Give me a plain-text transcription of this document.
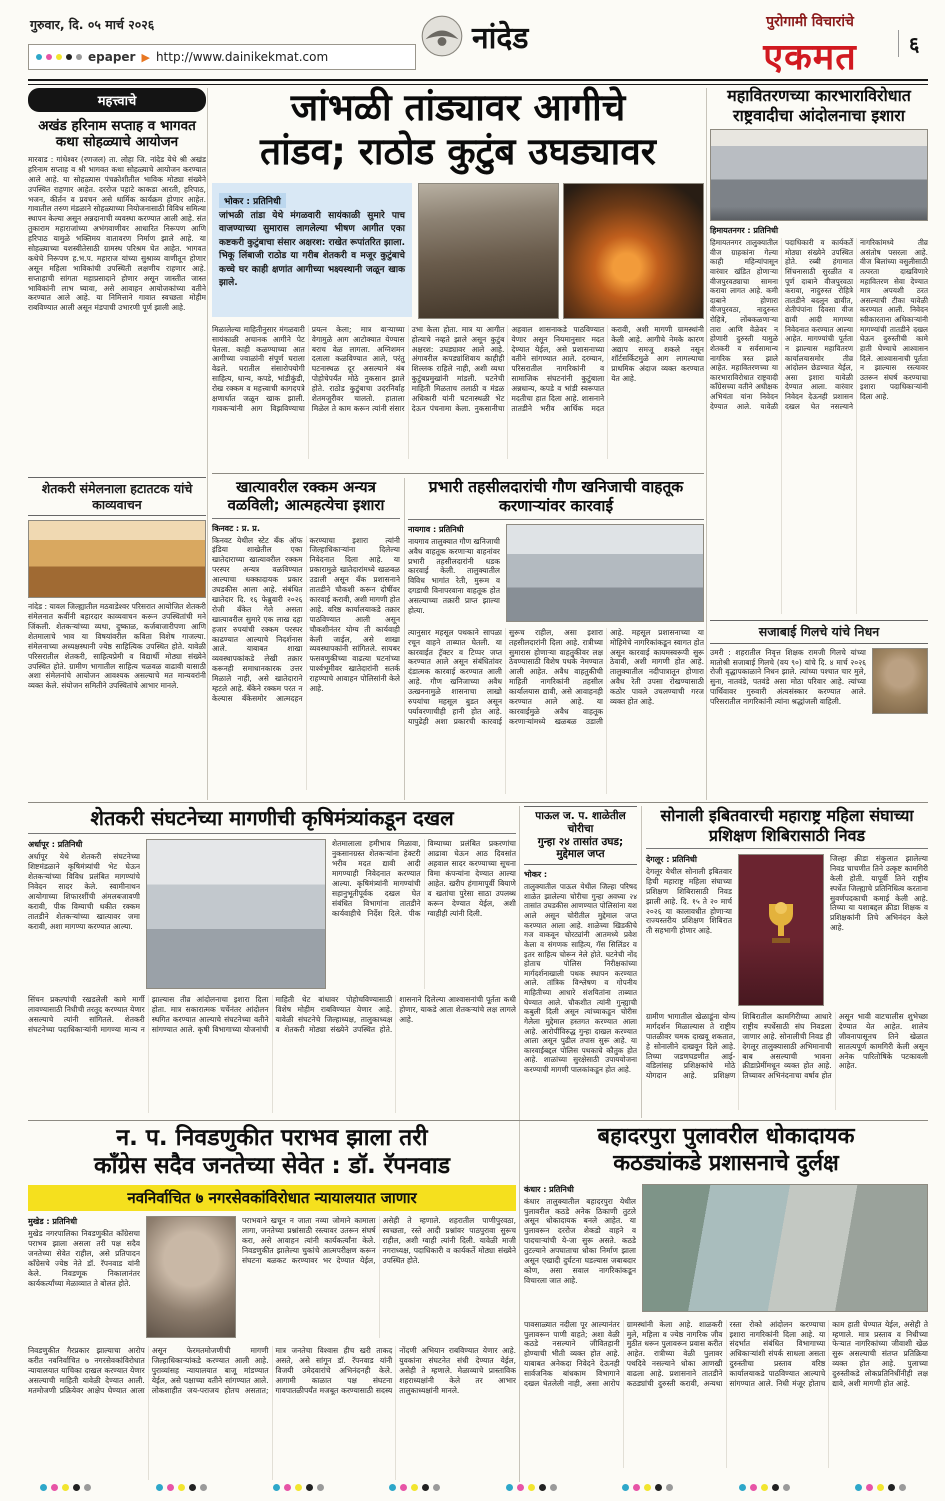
गुरुवार, दि. ०५ मार्च २०२६
epaper ▶ http://www.dainikekmat.com
नांदेड	पुरोगामी विचारांचे
एकमत	६
महत्त्वाचे
अखंड हरिनाम सप्ताह व भागवत कथा सोहळ्याचे आयोजन
मारवाड : गांधेश्वर (रणजल) ता. लोहा जि. नांदेड येथे श्री अखंड हरिनाम सप्ताह व श्री भागवत कथा सोहळ्याचे आयोजन करण्यात आले आहे. या सोहळ्यास पंचक्रोशीतील भाविक मोठ्या संख्येने उपस्थित राहणार आहेत. दररोज पहाटे काकडा आरती, हरिपाठ, भजन, कीर्तन व प्रवचन असे धार्मिक कार्यक्रम होणार आहेत. गावातील तरुण मंडळाने सोहळ्याच्या नियोजनासाठी विविध समित्या स्थापन केल्या असून अन्नदानाची व्यवस्था करण्यात आली आहे. संत तुकाराम महाराजांच्या अभंगवाणीवर आधारित निरूपण आणि हरिपाठ यामुळे भक्तिमय वातावरण निर्माण झाले आहे. या सोहळ्याच्या यशस्वीतेसाठी ग्रामस्थ परिश्रम घेत आहेत. भागवत कथेचे निरूपण ह.भ.प. महाराज यांच्या सुश्राव्य वाणीतून होणार असून महिला भाविकांची उपस्थिती लक्षणीय राहणार आहे. सप्ताहाची सांगता महाप्रसादाने होणार असून जास्तीत जास्त भाविकांनी लाभ घ्यावा, असे आवाहन आयोजकांच्या वतीने करण्यात आले आहे. या निमित्ताने गावात स्वच्छता मोहीम राबविण्यात आली असून मंडपाची उभारणी पूर्ण झाली आहे.
शेतकरी संमेलनाला हटातटक यांचे काव्यवाचन
नांदेड : यावल जिल्ह्यातील मठवाडेश्वर परिसरात आयोजित शेतकरी संमेलनात कवींनी बहारदार काव्यवाचन करून उपस्थितांची मने जिंकली. शेतकऱ्यांच्या व्यथा, दुष्काळ, कर्जबाजारीपणा आणि शेतमालाचे भाव या विषयांवरील कविता विशेष गाजल्या. संमेलनाच्या अध्यक्षस्थानी ज्येष्ठ साहित्यिक उपस्थित होते. यावेळी परिसरातील शेतकरी, साहित्यप्रेमी व विद्यार्थी मोठ्या संख्येने उपस्थित होते. ग्रामीण भागातील साहित्य चळवळ वाढावी यासाठी अशा संमेलनांचे आयोजन आवश्यक असल्याचे मत मान्यवरांनी व्यक्त केले. संयोजन समितीने उपस्थितांचे आभार मानले.
जांभळी तांड्यावर आगीचे
तांडव; राठोड कुटुंब उघड्यावर
भोकर : प्रतिनिधी
जांभळी तांडा येथे मंगळवारी सायंकाळी सुमारे पाच वाजण्याच्या सुमारास लागलेल्या भीषण आगीत एका कष्टकरी कुटुंबाचा संसार अक्षरश: राखेत रूपांतरित झाला. भिकू लिंबाजी राठोड या गरीब शेतकरी व मजूर कुटुंबाचे कच्चे घर काही क्षणांत आगीच्या भक्ष्यस्थानी जळून खाक झाले.
मिळालेल्या माहितीनुसार मंगळवारी सायंकाळी अचानक आगीने पेट घेतला. काही कळण्याच्या आत आगीच्या ज्वाळांनी संपूर्ण घराला वेढले. घरातील संसारोपयोगी साहित्य, धान्य, कपडे, भांडीकुंडी, रोख रक्कम व महत्त्वाची कागदपत्रे क्षणार्धात जळून खाक झाली. गावकऱ्यांनी आग विझविण्याचा प्रयत्न केला; मात्र वाऱ्याच्या वेगामुळे आग आटोक्यात येण्यास बराच वेळ लागला. अग्निशमन दलाला कळविण्यात आले, परंतु घटनास्थळ दूर असल्याने बंब पोहोचेपर्यंत मोठे नुकसान झाले होते. राठोड कुटुंबाचा उदरनिर्वाह शेतमजुरीवर चालतो. हाताला मिळेल ते काम करून त्यांनी संसार उभा केला होता. मात्र या आगीत होत्याचे नव्हते झाले असून कुटुंब अक्षरश: उघड्यावर आले आहे. अंगावरील कपड्यांशिवाय काहीही शिल्लक राहिले नाही, अशी व्यथा कुटुंबप्रमुखांनी मांडली. घटनेची माहिती मिळताच तलाठी व मंडळ अधिकारी यांनी घटनास्थळी भेट देऊन पंचनामा केला. नुकसानीचा अहवाल शासनाकडे पाठविण्यात येणार असून नियमानुसार मदत देण्यात येईल, असे प्रशासनाच्या वतीने सांगण्यात आले. दरम्यान, परिसरातील नागरिकांनी व सामाजिक संघटनांनी कुटुंबाला अन्नधान्य, कपडे व भांडी स्वरूपात मदतीचा हात दिला आहे. शासनाने तातडीने भरीव आर्थिक मदत करावी, अशी मागणी ग्रामस्थांनी केली आहे. आगीचे नेमके कारण अद्याप समजू शकले नसून शॉर्टसर्किटमुळे आग लागल्याचा प्राथमिक अंदाज व्यक्त करण्यात येत आहे.
महावितरणच्या कारभाराविरोधात राष्ट्रवादीचा आंदोलनाचा इशारा
हिमायतनगर : प्रतिनिधी
हिमायतनगर तालुक्यातील वीज ग्राहकांना गेल्या काही महिन्यांपासून वारंवार खंडित होणाऱ्या वीजपुरवठ्याचा सामना करावा लागत आहे. कमी दाबाने होणारा वीजपुरवठा, नादुरुस्त रोहित्रे, लोंबकळणाऱ्या तारा आणि वेळेवर न होणारी दुरुस्ती यामुळे शेतकरी व सर्वसामान्य नागरिक त्रस्त झाले आहेत. महावितरणच्या या कारभाराविरोधात राष्ट्रवादी काँग्रेसच्या वतीने अधीक्षक अभियंता यांना निवेदन देण्यात आले. यावेळी पदाधिकारी व कार्यकर्ते मोठ्या संख्येने उपस्थित होते. रब्बी हंगामात सिंचनासाठी सुरळीत व पूर्ण दाबाने वीजपुरवठा करावा, नादुरुस्त रोहित्रे तातडीने बदलून द्यावीत, शेतीपंपांना दिवसा वीज द्यावी आदी मागण्या निवेदनात करण्यात आल्या आहेत. मागण्यांची पूर्तता न झाल्यास महावितरण कार्यालयासमोर तीव्र आंदोलन छेडण्यात येईल, असा इशारा यावेळी देण्यात आला. वारंवार निवेदन देऊनही प्रशासन दखल घेत नसल्याने नागरिकांमध्ये तीव्र असंतोष पसरला आहे. वीज बिलांच्या वसुलीसाठी तत्परता दाखविणारे महावितरण सेवा देण्यात मात्र अपयशी ठरत असल्याची टीका यावेळी करण्यात आली. निवेदन स्वीकारताना अधिकाऱ्यांनी मागण्यांची तातडीने दखल घेऊन दुरुस्तीची कामे हाती घेण्याचे आश्वासन दिले. आश्वासनाची पूर्तता न झाल्यास रस्त्यावर उतरून संघर्ष करण्याचा इशारा पदाधिकाऱ्यांनी दिला आहे.
सजाबाई गिलचे यांचे निधन
उमरी : शहरातील निवृत्त शिक्षक रामजी गिलचे यांच्या मातोश्री सजाबाई गिलचे (वय ९०) यांचे दि. ४ मार्च २०२६ रोजी वृद्धापकाळाने निधन झाले. त्यांच्या पश्चात चार मुले, सुना, नातवंडे, पतवंडे असा मोठा परिवार आहे. त्यांच्या पार्थिवावर गुरुवारी अंत्यसंस्कार करण्यात आले. परिसरातील नागरिकांनी त्यांना श्रद्धांजली वाहिली.
खात्यावरील रक्कम अन्यत्र वळविली; आत्महत्येचा इशारा
किनवट : प्र. प्र.
किनवट येथील स्टेट बँक ऑफ इंडिया शाखेतील एका खातेदाराच्या खात्यावरील रक्कम परस्पर अन्यत्र वळविण्यात आल्याचा धक्कादायक प्रकार उघडकीस आला आहे. संबंधित खातेदार दि. १६ फेब्रुवारी २०२६ रोजी बँकेत गेले असता खात्यावरील सुमारे एक लाख दहा हजार रुपयांची रक्कम परस्पर काढण्यात आल्याचे निदर्शनास आले. याबाबत शाखा व्यवस्थापकांकडे लेखी तक्रार करूनही समाधानकारक उत्तर मिळाले नाही, असे खातेदाराने म्हटले आहे. बँकेने रक्कम परत न केल्यास बँकेसमोर आत्मदहन करण्याचा इशारा त्यांनी जिल्हाधिकाऱ्यांना दिलेल्या निवेदनात दिला आहे. या प्रकारामुळे खातेदारांमध्ये खळबळ उडाली असून बँक प्रशासनाने तातडीने चौकशी करून दोषींवर कारवाई करावी, अशी मागणी होत आहे. वरिष्ठ कार्यालयाकडे तक्रार पाठविण्यात आली असून चौकशीनंतर योग्य ती कार्यवाही केली जाईल, असे शाखा व्यवस्थापकांनी सांगितले. सायबर फसवणुकीच्या वाढत्या घटनांच्या पार्श्वभूमीवर खातेदारांनी सतर्क राहण्याचे आवाहन पोलिसांनी केले आहे.
प्रभारी तहसीलदारांची गौण खनिजाची वाहतूक करणाऱ्यांवर कारवाई
नायगाव : प्रतिनिधी
नायगाव तालुक्यात गौण खनिजाची अवैध वाहतूक करणाऱ्या वाहनांवर प्रभारी तहसीलदारांनी धडक कारवाई केली. तालुक्यातील विविध भागांत रेती, मुरूम व दगडाची विनापरवाना वाहतूक होत असल्याच्या तक्रारी प्राप्त झाल्या होत्या.
त्यानुसार महसूल पथकाने सापळा रचून वाहने ताब्यात घेतली. या कारवाईत ट्रॅक्टर व टिप्पर जप्त करण्यात आले असून संबंधितांवर दंडात्मक कारवाई करण्यात आली आहे. गौण खनिजाच्या अवैध उत्खननामुळे शासनाचा लाखो रुपयांचा महसूल बुडत असून पर्यावरणाचीही हानी होत आहे. यापुढेही अशा प्रकारची कारवाई सुरूच राहील, असा इशारा तहसीलदारांनी दिला आहे. रात्रीच्या सुमारास होणाऱ्या वाहतुकीवर लक्ष ठेवण्यासाठी विशेष पथके नेमण्यात आली आहेत. अवैध वाहतुकीची माहिती नागरिकांनी तहसील कार्यालयास द्यावी, असे आवाहनही करण्यात आले आहे. या कारवाईमुळे अवैध वाहतूक करणाऱ्यांमध्ये खळबळ उडाली आहे. महसूल प्रशासनाच्या या मोहिमेचे नागरिकांकडून स्वागत होत असून कारवाई कायमस्वरूपी सुरू ठेवावी, अशी मागणी होत आहे. तालुक्यातील नदीपात्रातून होणारा अवैध रेती उपसा रोखण्यासाठी कठोर पावले उचलण्याची गरज व्यक्त होत आहे.
शेतकरी संघटनेच्या मागणीची कृषिमंत्र्यांकडून दखल
अर्धापूर : प्रतिनिधी
अर्धापूर येथे शेतकरी संघटनेच्या शिष्टमंडळाने कृषिमंत्र्यांची भेट घेऊन शेतकऱ्यांच्या विविध प्रलंबित मागण्यांचे निवेदन सादर केले. स्वामीनाथन आयोगाच्या शिफारशींची अंमलबजावणी करावी, पीक विम्याची थकीत रक्कम तातडीने शेतकऱ्यांच्या खात्यावर जमा करावी, अशा मागण्या करण्यात आल्या.
शेतमालाला हमीभाव मिळावा, नुकसानग्रस्त शेतकऱ्यांना हेक्टरी भरीव मदत द्यावी आदी मागण्याही निवेदनात करण्यात आल्या. कृषिमंत्र्यांनी मागण्यांची सहानुभूतीपूर्वक दखल घेत संबंधित विभागांना तातडीने कार्यवाहीचे निर्देश दिले. पीक विम्याच्या प्रलंबित प्रकरणांचा आढावा घेऊन आठ दिवसांत अहवाल सादर करण्याच्या सूचना विमा कंपन्यांना देण्यात आल्या आहेत. खरीप हंगामापूर्वी बियाणे व खतांचा पुरेसा साठा उपलब्ध करून देण्यात येईल, अशी ग्वाहीही त्यांनी दिली.
सिंचन प्रकल्पांची रखडलेली कामे मार्गी लावण्यासाठी निधीची तरतूद करण्यात येणार असल्याचे त्यांनी सांगितले. शेतकरी संघटनेच्या पदाधिकाऱ्यांनी मागण्या मान्य न झाल्यास तीव्र आंदोलनाचा इशारा दिला होता. मात्र सकारात्मक चर्चेनंतर आंदोलन स्थगित करण्यात आल्याचे संघटनेच्या वतीने सांगण्यात आले. कृषी विभागाच्या योजनांची माहिती थेट बांधावर पोहोचविण्यासाठी विशेष मोहीम राबविण्यात येणार आहे. यावेळी संघटनेचे जिल्हाध्यक्ष, तालुकाध्यक्ष व शेतकरी मोठ्या संख्येने उपस्थित होते. शासनाने दिलेल्या आश्वासनांची पूर्तता कधी होणार, याकडे आता शेतकऱ्यांचे लक्ष लागले आहे.
पाऊल ज. प. शाळेतील चोरीचा
गुन्हा २४ तासांत उघड; मुद्देमाल जप्त
भोकर :
तालुक्यातील पाऊल येथील जिल्हा परिषद शाळेत झालेल्या चोरीचा गुन्हा अवघ्या २४ तासांत उघडकीस आणण्यात पोलिसांना यश आले असून चोरीतील मुद्देमाल जप्त करण्यात आला आहे. शाळेच्या खिडकीचे गज वाकवून चोरट्यांनी आतमध्ये प्रवेश केला व संगणक साहित्य, गॅस सिलिंडर व इतर साहित्य चोरून नेले होते. घटनेची नोंद होताच पोलिस निरीक्षकांच्या मार्गदर्शनाखाली पथक स्थापन करण्यात आले. तांत्रिक विश्लेषण व गोपनीय माहितीच्या आधारे संशयितांना ताब्यात घेण्यात आले. चौकशीत त्यांनी गुन्ह्याची कबुली दिली असून त्यांच्याकडून चोरीस गेलेला मुद्देमाल हस्तगत करण्यात आला आहे. आरोपींविरुद्ध गुन्हा दाखल करण्यात आला असून पुढील तपास सुरू आहे. या कारवाईबद्दल पोलिस पथकाचे कौतुक होत आहे. शाळांच्या सुरक्षेसाठी उपाययोजना करण्याची मागणी पालकांकडून होत आहे.
सोनाली इबितवारची महाराष्ट्र महिला संघाच्या प्रशिक्षण शिबिरासाठी निवड
देगलूर : प्रतिनिधी
देगलूर येथील सोनाली इबितवार हिची महाराष्ट्र महिला संघाच्या प्रशिक्षण शिबिरासाठी निवड झाली आहे. दि. १५ ते २० मार्च २०२६ या कालावधीत होणाऱ्या राज्यस्तरीय प्रशिक्षण शिबिरात ती सहभागी होणार आहे.
जिल्हा क्रीडा संकुलात झालेल्या निवड चाचणीत तिने उत्कृष्ट कामगिरी केली होती. यापूर्वी तिने राष्ट्रीय स्पर्धेत जिल्ह्याचे प्रतिनिधित्व करताना सुवर्णपदकाची कमाई केली आहे. तिच्या या यशाबद्दल क्रीडा शिक्षक व प्रशिक्षकांनी तिचे अभिनंदन केले आहे.
ग्रामीण भागातील खेळाडूंना योग्य मार्गदर्शन मिळाल्यास ते राष्ट्रीय पातळीवर चमक दाखवू शकतात, हे सोनालीने दाखवून दिले आहे. तिच्या जडणघडणीत आई-वडिलांसह प्रशिक्षकांचे मोठे योगदान आहे. प्रशिक्षण शिबिरातील कामगिरीच्या आधारे राष्ट्रीय स्पर्धेसाठी संघ निवडला जाणार आहे. सोनालीची निवड ही देगलूर तालुक्यासाठी अभिमानाची बाब असल्याची भावना क्रीडाप्रेमींमधून व्यक्त होत आहे. तिच्यावर अभिनंदनाचा वर्षाव होत असून भावी वाटचालीस शुभेच्छा देण्यात येत आहेत. शालेय जीवनापासूनच तिने खेळात सातत्यपूर्ण कामगिरी केली असून अनेक पारितोषिके पटकावली आहेत.
न. प. निवडणुकीत पराभव झाला तरी
काँग्रेस सदैव जनतेच्या सेवेत : डॉ. रॅपनवाड
नवनिर्वाचित ७ नगरसेवकांविरोधात न्यायालयात जाणार
मुखेड : प्रतिनिधी
मुखेड नगरपालिका निवडणुकीत काँग्रेसचा पराभव झाला असला तरी पक्ष सदैव जनतेच्या सेवेत राहील, असे प्रतिपादन काँग्रेसचे ज्येष्ठ नेते डॉ. रॅपनवाड यांनी केले. निवडणूक निकालानंतर कार्यकर्त्यांच्या मेळाव्यात ते बोलत होते.
पराभवाने खचून न जाता नव्या जोमाने कामाला लागा, जनतेच्या प्रश्नांसाठी रस्त्यावर उतरून संघर्ष करा, असे आवाहन त्यांनी कार्यकर्त्यांना केले. निवडणुकीत झालेल्या चुकांचे आत्मपरीक्षण करून संघटना बळकट करण्यावर भर देण्यात येईल, असेही ते म्हणाले. शहरातील पाणीपुरवठा, स्वच्छता, रस्ते आदी प्रश्नांवर पाठपुरावा सुरूच राहील, अशी ग्वाही त्यांनी दिली. यावेळी माजी नगराध्यक्ष, पदाधिकारी व कार्यकर्ते मोठ्या संख्येने उपस्थित होते.
निवडणुकीत गैरप्रकार झाल्याचा आरोप करीत नवनिर्वाचित ७ नगरसेवकांविरोधात न्यायालयात याचिका दाखल करण्यात येणार असल्याची माहिती यावेळी देण्यात आली. मतमोजणी प्रक्रियेवर आक्षेप घेण्यात आला असून फेरमतमोजणीची मागणी जिल्हाधिकाऱ्यांकडे करण्यात आली आहे. पुराव्यांसह न्यायालयात बाजू मांडण्यात येईल, असे पक्षाच्या वतीने सांगण्यात आले. लोकशाहीत जय-पराजय होतच असतात; मात्र जनतेचा विश्वास हीच खरी ताकद असते, असे सांगून डॉ. रॅपनवाड यांनी विजयी उमेदवारांचे अभिनंदनही केले. आगामी काळात पक्ष संघटना गावपातळीपर्यंत मजबूत करण्यासाठी सदस्य नोंदणी अभियान राबविण्यात येणार आहे. युवकांना संघटनेत संधी देण्यात येईल, असेही ते म्हणाले. मेळाव्याचे प्रास्ताविक शहराध्यक्षांनी केले तर आभार तालुकाध्यक्षांनी मानले.
बहादरपुरा पुलावरील धोकादायक
कठड्यांकडे प्रशासनाचे दुर्लक्ष
कंधार : प्रतिनिधी
कंधार तालुक्यातील बहादरपुरा येथील पुलावरील कठडे अनेक ठिकाणी तुटले असून धोकादायक बनले आहेत. या पुलावरून दररोज शेकडो वाहने व पादचाऱ्यांची ये-जा सुरू असते. कठडे तुटल्याने अपघाताचा धोका निर्माण झाला असून एखादी दुर्घटना घडल्यास जबाबदार कोण, असा सवाल नागरिकांकडून विचारला जात आहे.
पावसाळ्यात नदीला पूर आल्यानंतर पुलावरून पाणी वाहते; अशा वेळी कठडे नसल्याने जीवितहानी होण्याची भीती व्यक्त होत आहे. याबाबत अनेकदा निवेदने देऊनही सार्वजनिक बांधकाम विभागाने दखल घेतलेली नाही, असा आरोप ग्रामस्थांनी केला आहे. शाळकरी मुले, महिला व ज्येष्ठ नागरिक जीव मुठीत धरून पुलावरून प्रवास करीत आहेत. रात्रीच्या वेळी पुलावर पथदिवे नसल्याने धोका आणखी वाढला आहे. प्रशासनाने तातडीने कठड्यांची दुरुस्ती करावी, अन्यथा रस्ता रोको आंदोलन करण्याचा इशारा नागरिकांनी दिला आहे. या संदर्भात संबंधित विभागाच्या अधिकाऱ्यांशी संपर्क साधला असता दुरुस्तीचा प्रस्ताव वरिष्ठ कार्यालयाकडे पाठविण्यात आल्याचे सांगण्यात आले. निधी मंजूर होताच काम हाती घेण्यात येईल, असेही ते म्हणाले. मात्र प्रस्ताव व निधीच्या फेऱ्यात नागरिकांच्या जीवाशी खेळ सुरू असल्याची संतप्त प्रतिक्रिया व्यक्त होत आहे. पुलाच्या दुरुस्तीकडे लोकप्रतिनिधींनीही लक्ष द्यावे, अशी मागणी होत आहे.
